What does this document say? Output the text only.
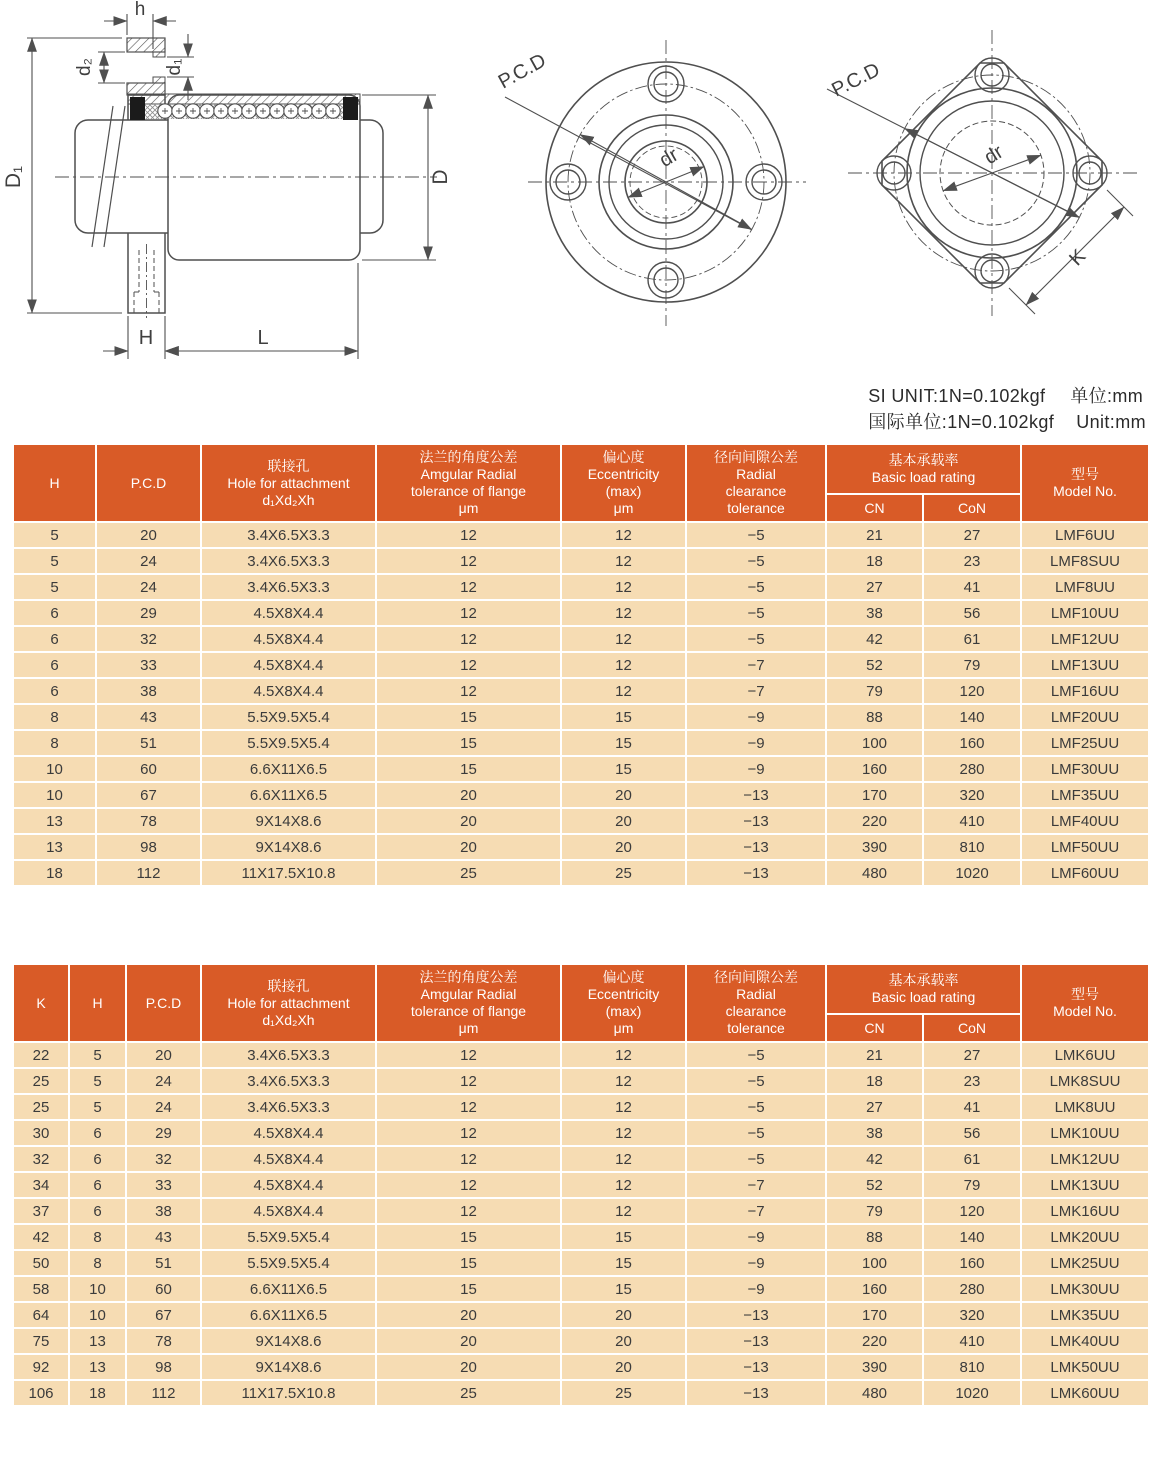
h
d₂	d₁
D₁	D
H	L
P.C.D
dr
P.C.D
dr
K
SI UNIT:1N=0.102kgf 单位:mm
国际单位:1N=0.102kgf Unit:mm
H	P.C.D

联接孔
Hole for attachment
d₁Xd₂Xh

法兰的角度公差
Amgular Radial
tolerance of flange
μm

偏心度
Eccentricity
(max)
μm

径向间隙公差
Radial
clearance
tolerance

基本承载率
Basic load rating	型号
Model No.

						CN	CoN	

5	20	3.4X6.5X3.3	12	12	−5	21	27	LMF6UU
5	24	3.4X6.5X3.3	12	12	−5	18	23	LMF8SUU
5	24	3.4X6.5X3.3	12	12	−5	27	41	LMF8UU
6	29	4.5X8X4.4	12	12	−5	38	56	LMF10UU
6	32	4.5X8X4.4	12	12	−5	42	61	LMF12UU
6	33	4.5X8X4.4	12	12	−7	52	79	LMF13UU
6	38	4.5X8X4.4	12	12	−7	79	120	LMF16UU
8	43	5.5X9.5X5.4	15	15	−9	88	140	LMF20UU
8	51	5.5X9.5X5.4	15	15	−9	100	160	LMF25UU
10	60	6.6X11X6.5	15	15	−9	160	280	LMF30UU
10	67	6.6X11X6.5	20	20	−13	170	320	LMF35UU
13	78	9X14X8.6	20	20	−13	220	410	LMF40UU
13	98	9X14X8.6	20	20	−13	390	810	LMF50UU
18	112	11X17.5X10.8	25	25	−13	480	1020	LMF60UU
K	H	P.C.D

联接孔
Hole for attachment
d₁Xd₂Xh

法兰的角度公差
Amgular Radial
tolerance of flange
μm

偏心度
Eccentricity
(max)
μm

径向间隙公差
Radial
clearance
tolerance

基本承载率
Basic load rating	型号
Model No.

							CN	CoN	

22	5	20	3.4X6.5X3.3	12	12	−5	21	27	LMK6UU
25	5	24	3.4X6.5X3.3	12	12	−5	18	23	LMK8SUU
25	5	24	3.4X6.5X3.3	12	12	−5	27	41	LMK8UU
30	6	29	4.5X8X4.4	12	12	−5	38	56	LMK10UU
32	6	32	4.5X8X4.4	12	12	−5	42	61	LMK12UU
34	6	33	4.5X8X4.4	12	12	−7	52	79	LMK13UU
37	6	38	4.5X8X4.4	12	12	−7	79	120	LMK16UU
42	8	43	5.5X9.5X5.4	15	15	−9	88	140	LMK20UU
50	8	51	5.5X9.5X5.4	15	15	−9	100	160	LMK25UU
58	10	60	6.6X11X6.5	15	15	−9	160	280	LMK30UU
64	10	67	6.6X11X6.5	20	20	−13	170	320	LMK35UU
75	13	78	9X14X8.6	20	20	−13	220	410	LMK40UU
92	13	98	9X14X8.6	20	20	−13	390	810	LMK50UU
106	18	112	11X17.5X10.8	25	25	−13	480	1020	LMK60UU
